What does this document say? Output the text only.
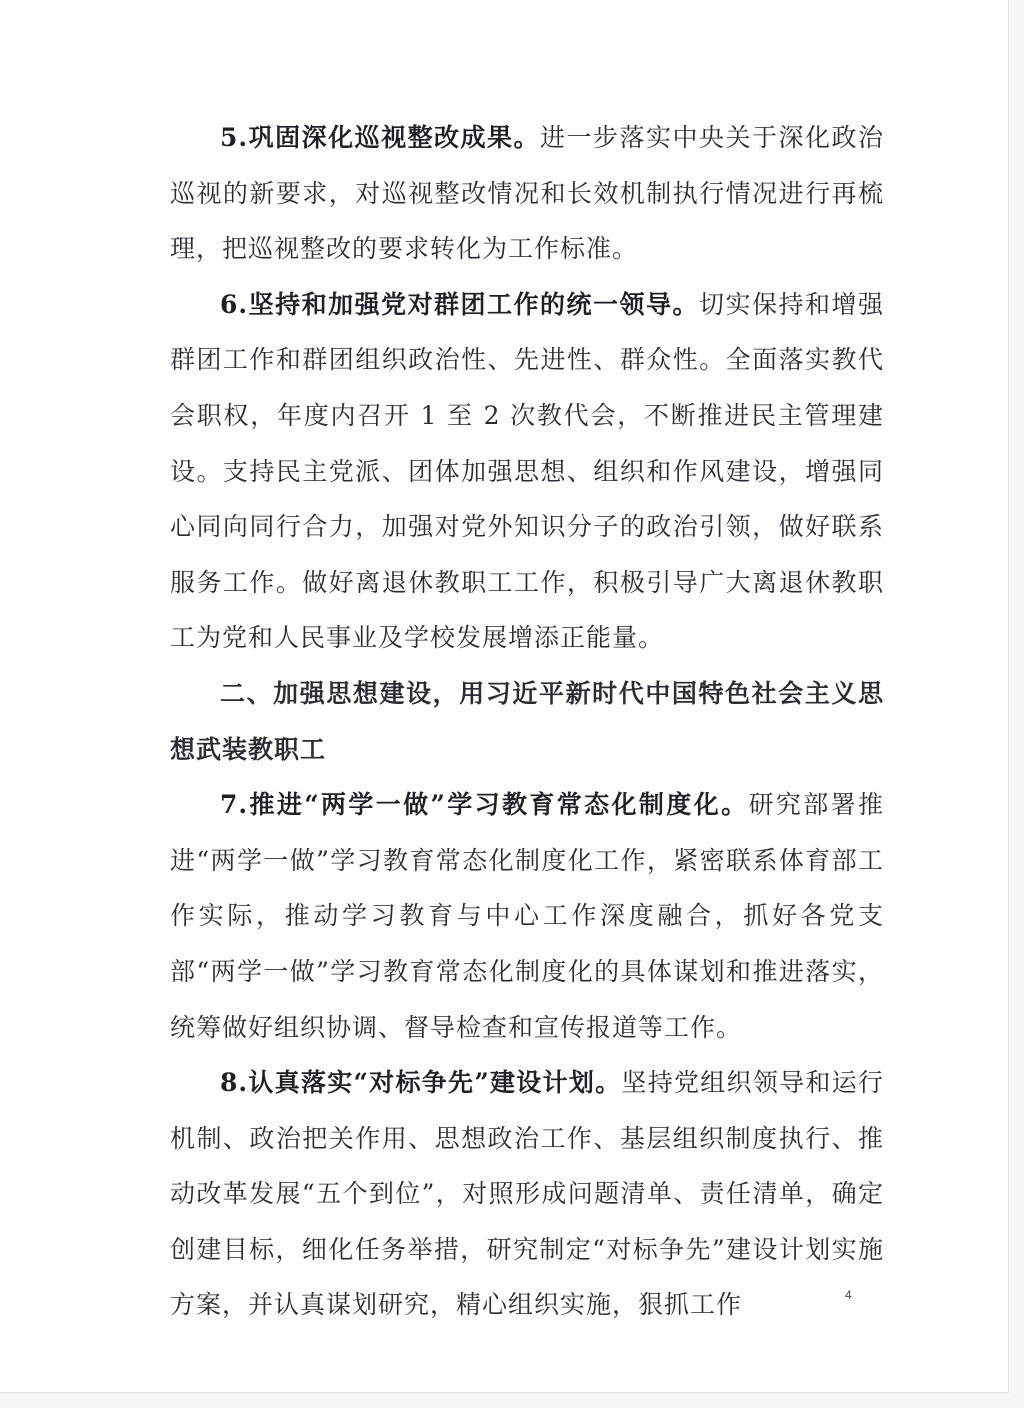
5.巩固深化巡视整改成果。进一步落实中央关于深化政治巡视的新要求，对巡视整改情况和长效机制执行情况进行再梳理，把巡视整改的要求转化为工作标准。

6.坚持和加强党对群团工作的统一领导。切实保持和增强群团工作和群团组织政治性、先进性、群众性。全面落实教代会职权，年度内召开 1 至 2 次教代会，不断推进民主管理建设。支持民主党派、团体加强思想、组织和作风建设，增强同心同向同行合力，加强对党外知识分子的政治引领，做好联系服务工作。做好离退休教职工工作，积极引导广大离退休教职工为党和人民事业及学校发展增添正能量。

二、加强思想建设，用习近平新时代中国特色社会主义思想武装教职工

7.推进“两学一做”学习教育常态化制度化。研究部署推进“两学一做”学习教育常态化制度化工作，紧密联系体育部工作实际，推动学习教育与中心工作深度融合，抓好各党支部“两学一做”学习教育常态化制度化的具体谋划和推进落实，统筹做好组织协调、督导检查和宣传报道等工作。

8.认真落实“对标争先”建设计划。坚持党组织领导和运行机制、政治把关作用、思想政治工作、基层组织制度执行、推动改革发展“五个到位”，对照形成问题清单、责任清单，确定创建目标，细化任务举措，研究制定“对标争先”建设计划实施方案，并认真谋划研究，精心组织实施，狠抓工作	4
